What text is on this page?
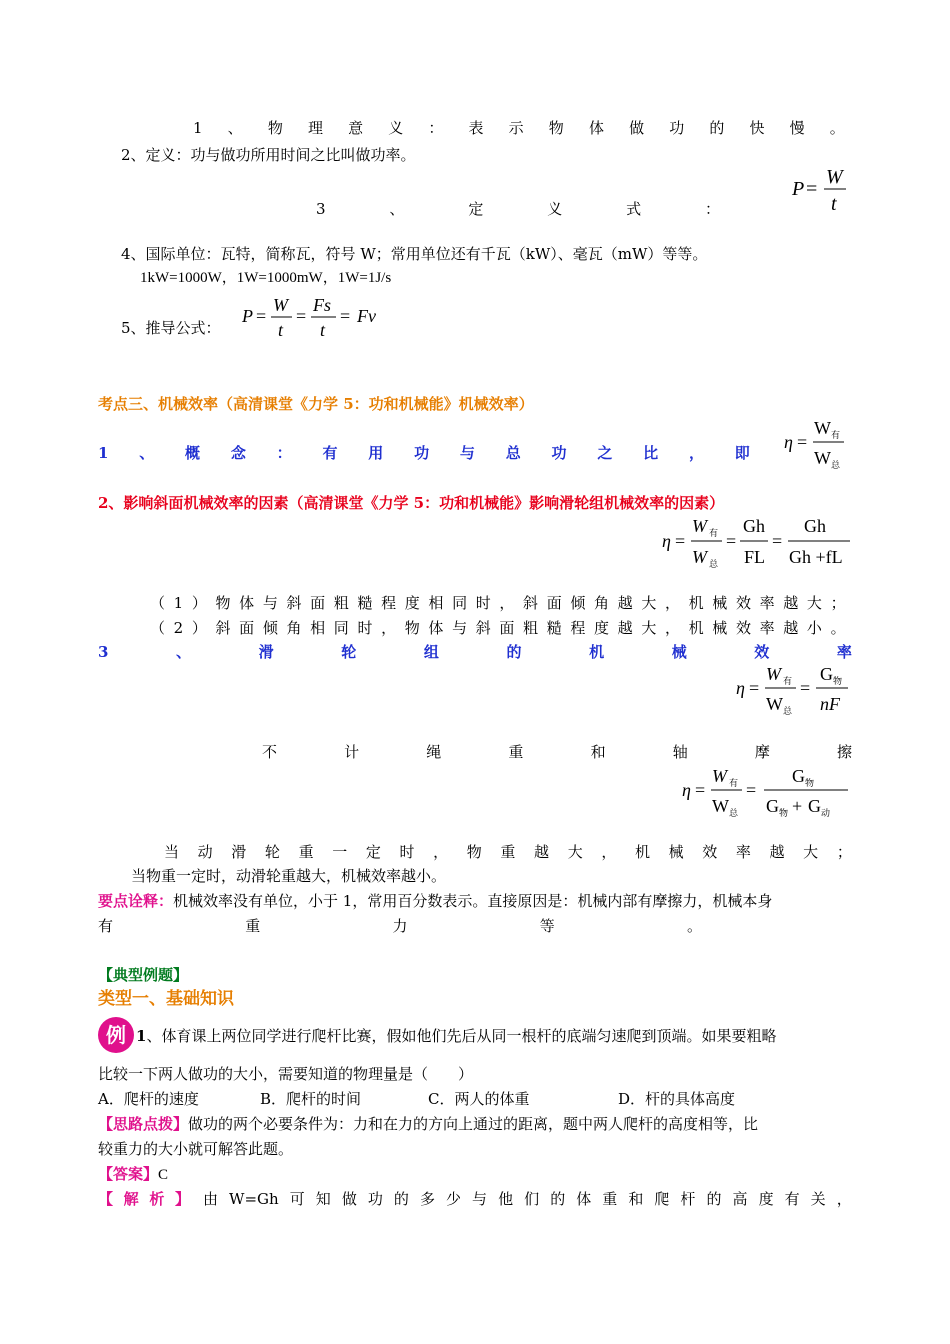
1 、 物 理 意 义 ： 表 示 物 体 做 功 的 快 慢 。
2、定义：功与做功所用时间之比叫做功率。
3	、	定	义	式	：
P =
W
t
4、国际单位：瓦特，简称瓦，符号 W；常用单位还有千瓦（kW）、毫瓦（mW）等等。
1kW=1000W，1W=1000mW，1W=1J/s
5、推导公式：
P =
W
t
=
Fs
t
= Fv
考点三、机械效率（高清课堂《力学 5：功和机械能》机械效率）
1 、 概 念 ： 有 用 功 与 总 功 之 比 ， 即
η =
W 有
W 总
2、影响斜面机械效率的因素（高清课堂《力学 5：功和机械能》影响滑轮组机械效率的因素）
η =
W 有
W 总
=
Gh
FL
=
Gh
Gh +fL
（ 1 ） 物 体 与 斜 面 粗 糙 程 度 相 同 时 ， 斜 面 倾 角 越 大 ， 机 械 效 率 越 大 ；
（ 2 ） 斜 面 倾 角 相 同 时 ， 物 体 与 斜 面 粗 糙 程 度 越 大 ， 机 械 效 率 越 小 。
3	、	滑	轮	组	的	机	械	效	率
η =
W 有
W 总
=
G 物
nF
不	计	绳	重	和	轴	摩	擦
η =
W 有
W 总
=
G 物
G 物 + G 动
当 动 滑 轮 重 一 定 时 ， 物 重 越 大 ， 机 械 效 率 越 大 ；
当物重一定时，动滑轮重越大，机械效率越小。
要点诠释：机械效率没有单位，小于 1，常用百分数表示。直接原因是：机械内部有摩擦力，机械本身
有	重	力	等	。
【典型例题】
类型一、基础知识
例 1、体育课上两位同学进行爬杆比赛，假如他们先后从同一根杆的底端匀速爬到顶端。如果要粗略
比较一下两人做功的大小，需要知道的物理量是（　　）
A．爬杆的速度	B．爬杆的时间	C．两人的体重	D．杆的具体高度
【思路点拨】做功的两个必要条件为：力和在力的方向上通过的距离，题中两人爬杆的高度相等，比
较重力的大小就可解答此题。
【答案】C
【 解 析 】 由 W=Gh 可 知 做 功 的 多 少 与 他 们 的 体 重 和 爬 杆 的 高 度 有 关 ，
